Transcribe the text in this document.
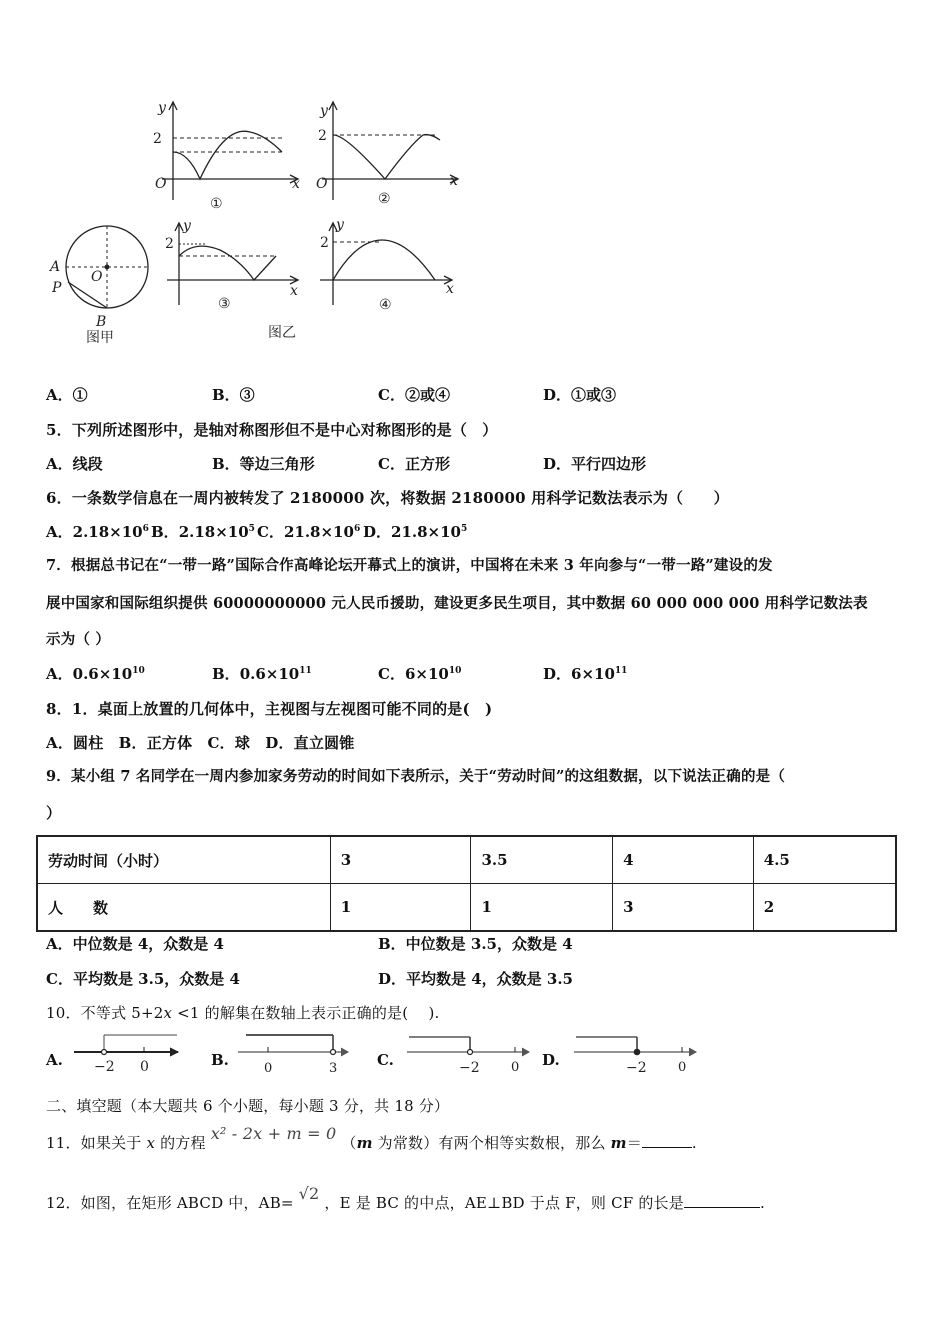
y
2
O	x
①
y
2
O	x
②
A
O
P
B
图甲
y
2
x
③
图乙
y
2
x
④
A．①	B．③	C．②或④	D．①或③
5．下列所述图形中，是轴对称图形但不是中心对称图形的是（　）
A．线段	B．等边三角形	C．正方形	D．平行四边形
6．一条数学信息在一周内被转发了 2180000 次，将数据 2180000 用科学记数法表示为（　　）
A．$2.18\times 10^6$ B．$2.18\times 10^5$ C．$21.8\times 10^6$ D．$21.8\times 10^5$
7．根据总书记在“一带一路”国际合作高峰论坛开幕式上的演讲，中国将在未来 3 年向参与“一带一路”建设的发
展中国家和国际组织提供 60000000000 元人民币援助，建设更多民生项目，其中数据 60 000 000 000 用科学记数法表
示为（ ）
A．$0.6\times 10^{10}$	B．$0.6\times 10^{11}$	C．$6\times 10^{10}$	D．$6\times 10^{11}$
8．1．桌面上放置的几何体中，主视图与左视图可能不同的是(　)
A．圆柱　B．正方体　C．球　D．直立圆锥
9．某小组 7 名同学在一周内参加家务劳动的时间如下表所示，关于“劳动时间”的这组数据，以下说法正确的是（
）
劳动时间（小时）	3	3.5	4	4.5
人　　数	1	1	3	2
A．中位数是 4，众数是 4	B．中位数是 3.5，众数是 4
C．平均数是 3.5，众数是 4	D．平均数是 4，众数是 3.5
10．不等式 5+2x <1 的解集在数轴上表示正确的是(　 ).
A. −2 0	B.	0	3	C.	−2 0 D.	−2 0
二、填空题（本大题共 6 个小题，每小题 3 分，共 18 分）
11．如果关于 x 的方程 x² - 2x + m = 0 （m 为常数）有两个相等实数根，那么 m＝	.
12．如图，在矩形 ABCD 中，AB= √2 ，E 是 BC 的中点，AE⊥BD 于点 F，则 CF 的长是	.
